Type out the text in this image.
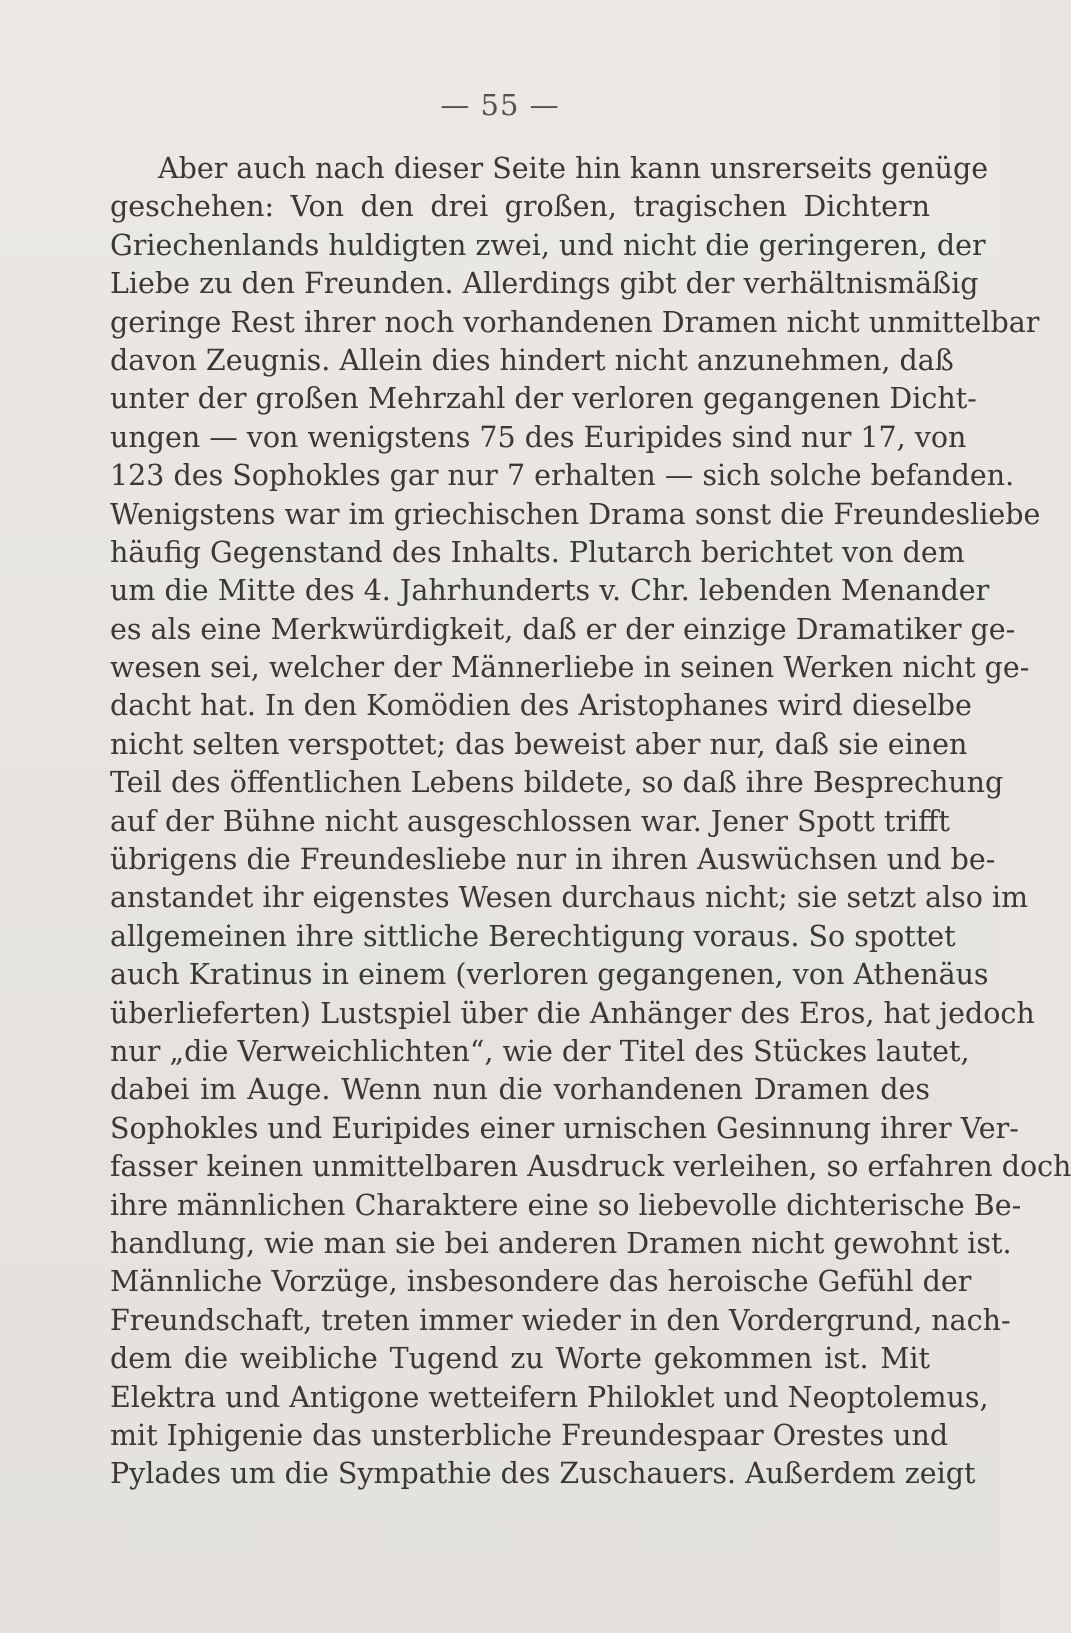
— 55 —
Aber auch nach dieser Seite hin kann unsrerseits genüge
geschehen: Von den drei großen, tragischen Dichtern
Griechenlands huldigten zwei, und nicht die geringeren, der
Liebe zu den Freunden. Allerdings gibt der verhältnismäßig
geringe Rest ihrer noch vorhandenen Dramen nicht unmittelbar
davon Zeugnis. Allein dies hindert nicht anzunehmen, daß
unter der großen Mehrzahl der verloren gegangenen Dicht-
ungen — von wenigstens 75 des Euripides sind nur 17, von
123 des Sophokles gar nur 7 erhalten — sich solche befanden.
Wenigstens war im griechischen Drama sonst die Freundesliebe
häufig Gegenstand des Inhalts. Plutarch berichtet von dem
um die Mitte des 4. Jahrhunderts v. Chr. lebenden Menander
es als eine Merkwürdigkeit, daß er der einzige Dramatiker ge-
wesen sei, welcher der Männerliebe in seinen Werken nicht ge-
dacht hat. In den Komödien des Aristophanes wird dieselbe
nicht selten verspottet; das beweist aber nur, daß sie einen
Teil des öffentlichen Lebens bildete, so daß ihre Besprechung
auf der Bühne nicht ausgeschlossen war. Jener Spott trifft
übrigens die Freundesliebe nur in ihren Auswüchsen und be-
anstandet ihr eigenstes Wesen durchaus nicht; sie setzt also im
allgemeinen ihre sittliche Berechtigung voraus. So spottet
auch Kratinus in einem (verloren gegangenen, von Athenäus
überlieferten) Lustspiel über die Anhänger des Eros, hat jedoch
nur „die Verweichlichten“, wie der Titel des Stückes lautet,
dabei im Auge. Wenn nun die vorhandenen Dramen des
Sophokles und Euripides einer urnischen Gesinnung ihrer Ver-
fasser keinen unmittelbaren Ausdruck verleihen, so erfahren doch
ihre männlichen Charaktere eine so liebevolle dichterische Be-
handlung, wie man sie bei anderen Dramen nicht gewohnt ist.
Männliche Vorzüge, insbesondere das heroische Gefühl der
Freundschaft, treten immer wieder in den Vordergrund, nach-
dem die weibliche Tugend zu Worte gekommen ist. Mit
Elektra und Antigone wetteifern Philoklet und Neoptolemus,
mit Iphigenie das unsterbliche Freundespaar Orestes und
Pylades um die Sympathie des Zuschauers. Außerdem zeigt
